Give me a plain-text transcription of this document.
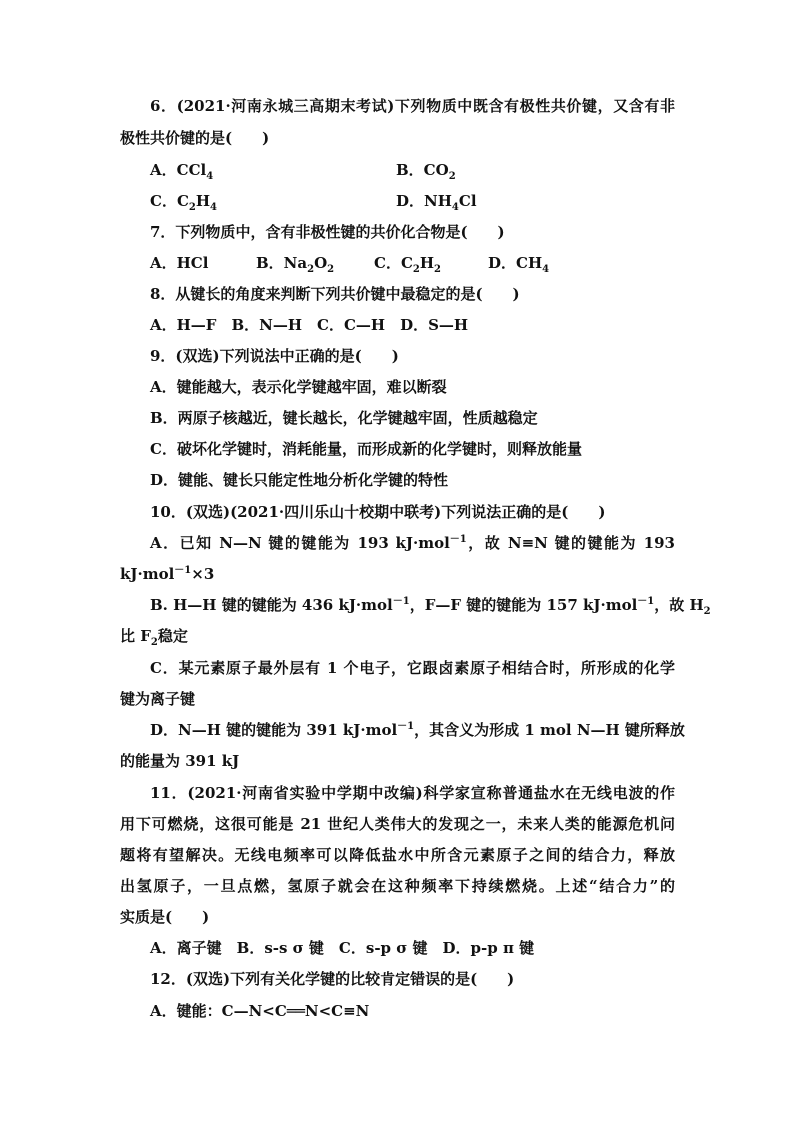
6．(2021·河南永城三高期末考试)下列物质中既含有极性共价键，又含有非
极性共价键的是(　　)
A．CCl$_4$	B．$CO_2$
C．$C_2H_4$	D．$NH_4Cl$
7．下列物质中，含有非极性键的共价化合物是(　　)
A．HCl	B．$Na_2O_2$	C．$C_2H_2$	D．$CH_4$
8．从键长的角度来判断下列共价键中最稳定的是(　　)
A．H—F　B．N—H　C．C—H　D．S—H
9．(双选)下列说法中正确的是(　　)
A．键能越大，表示化学键越牢固，难以断裂
B．两原子核越近，键长越长，化学键越牢固，性质越稳定
C．破坏化学键时，消耗能量，而形成新的化学键时，则释放能量
D．键能、键长只能定性地分析化学键的特性
10．(双选)(2021·四川乐山十校期中联考)下列说法正确的是(　　)
A．已知 N—N 键的键能为 193 kJ·mol$^{-1}$，故 N≡N 键的键能为 193
kJ·mol$^{-1}$×3
B. H—H 键的键能为 436 kJ·mol$^{-1}$，F—F 键的键能为 157 kJ·mol$^{-1}$，故 $H_2$
比 $F_2$稳定
C．某元素原子最外层有 1 个电子，它跟卤素原子相结合时，所形成的化学
键为离子键
D．N—H 键的键能为 391 kJ·mol$^{-1}$，其含义为形成 1 mol N—H 键所释放
的能量为 391 kJ
11．(2021·河南省实验中学期中改编)科学家宣称普通盐水在无线电波的作
用下可燃烧，这很可能是 21 世纪人类伟大的发现之一，未来人类的能源危机问
题将有望解决。无线电频率可以降低盐水中所含元素原子之间的结合力，释放
出氢原子，一旦点燃，氢原子就会在这种频率下持续燃烧。上述“结合力”的
实质是(　　)
A．离子键　B．s-s σ 键　C．s-p σ 键　D．p-p π 键
12．(双选)下列有关化学键的比较肯定错误的是(　　)
A．键能：C—N<C══N<C≡N
